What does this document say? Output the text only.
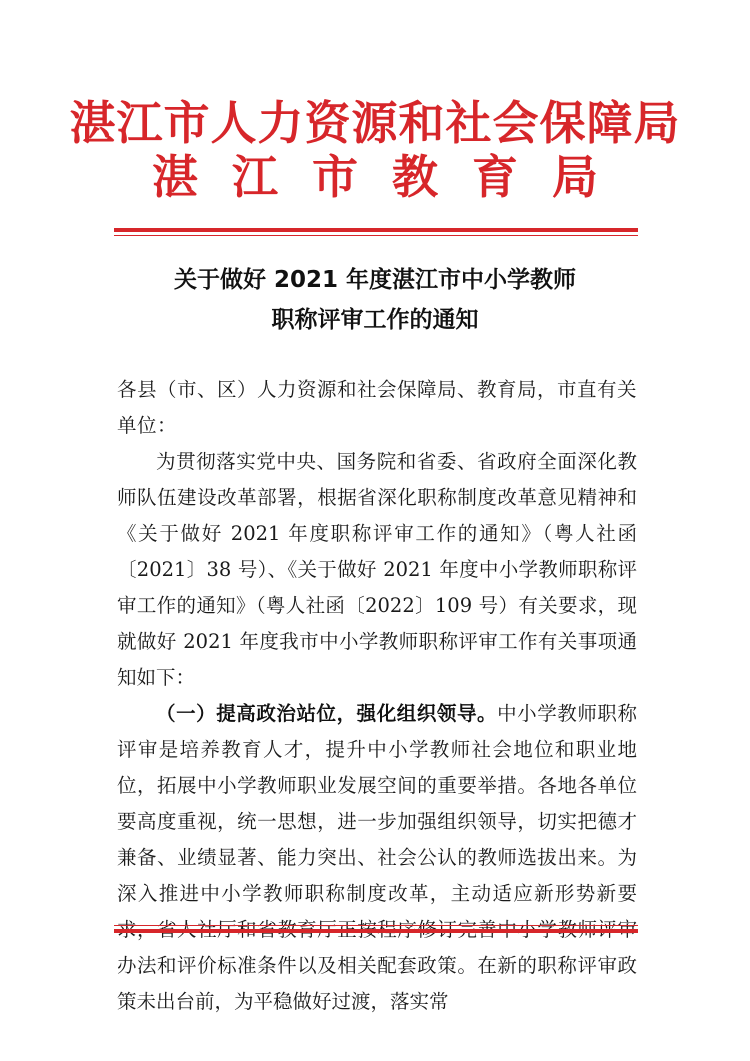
湛江市人力资源和社会保障局
湛江市教育局
关于做好 2021 年度湛江市中小学教师
职称评审工作的通知

各县（市、区）人力资源和社会保障局、教育局，市直有关单位：

为贯彻落实党中央、国务院和省委、省政府全面深化教师队伍建设改革部署，根据省深化职称制度改革意见精神和《关于做好 2021 年度职称评审工作的通知》（粤人社函〔2021〕38 号）、《关于做好 2021 年度中小学教师职称评审工作的通知》（粤人社函〔2022〕109 号）有关要求，现就做好 2021 年度我市中小学教师职称评审工作有关事项通知如下：

（一）提高政治站位，强化组织领导。中小学教师职称评审是培养教育人才，提升中小学教师社会地位和职业地位，拓展中小学教师职业发展空间的重要举措。各地各单位要高度重视，统一思想，进一步加强组织领导，切实把德才兼备、业绩显著、能力突出、社会公认的教师选拔出来。为深入推进中小学教师职称制度改革，主动适应新形势新要 办法和评价标准条件以及相关配套政策。在新的职称评审政策未出台前，为平稳做好过渡，落实常
